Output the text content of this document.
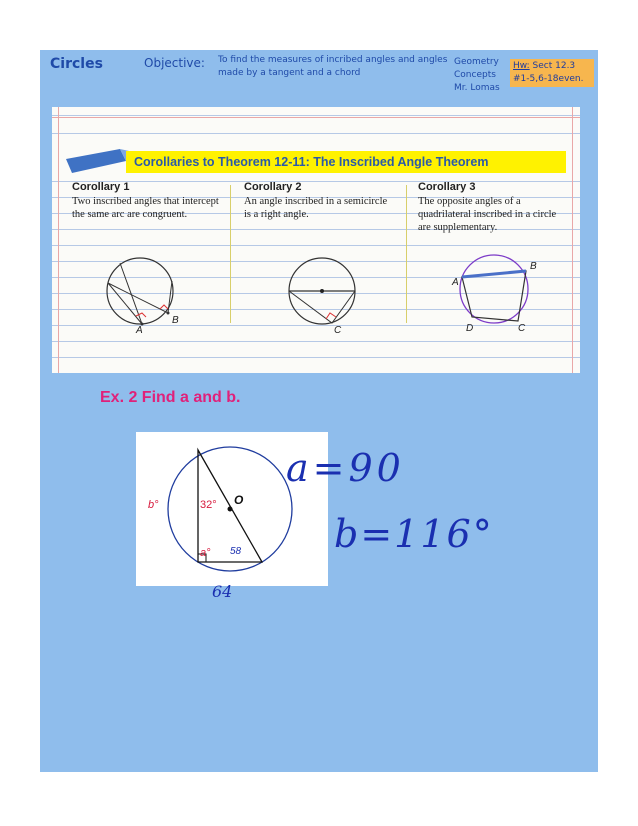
Circles	Objective: To find the measures of incribed angles and angles made by a tangent and a chord
Geometry
Concepts
Mr. Lomas
Hw: Sect 12.3
#1-5,6-18even.
Corollaries to Theorem 12-11: The Inscribed Angle Theorem
Corollary 1
Two inscribed angles that intercept the same arc are congruent.
Corollary 2
An angle inscribed in a semicircle is a right angle.
Corollary 3
The opposite angles of a quadrilateral inscribed in a circle are supplementary.
A
B
C
A
B
D	C
Ex. 2 Find a and b.
b°	32° O
a° 58
64
a=90
b=116°
